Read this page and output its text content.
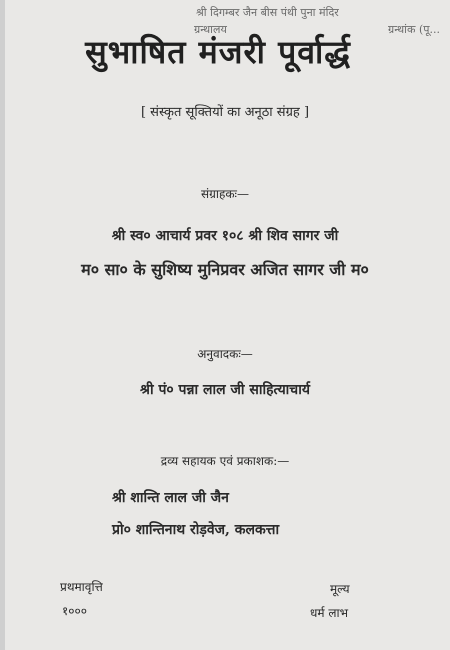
श्री दिगम्बर जैन बीस पंथी पुना मंदिर
ग्रन्थालय	ग्रन्थांक (पू...
सुभाषित मंजरी पूर्वार्द्ध
[ संस्कृत सूक्तियों का अनूठा संग्रह ]
संग्राहकः—
श्री स्व० आचार्य प्रवर १०८ श्री शिव सागर जी
म० सा० के सुशिष्य मुनिप्रवर अजित सागर जी म०
अनुवादकः—
श्री पं० पन्ना लाल जी साहित्याचार्य
द्रव्य सहायक एवं प्रकाशक:—
श्री शान्ति लाल जी जैन
प्रो० शान्तिनाथ रोड़वेज, कलकत्ता
प्रथमावृत्ति
१०००
मूल्य
धर्म लाभ
